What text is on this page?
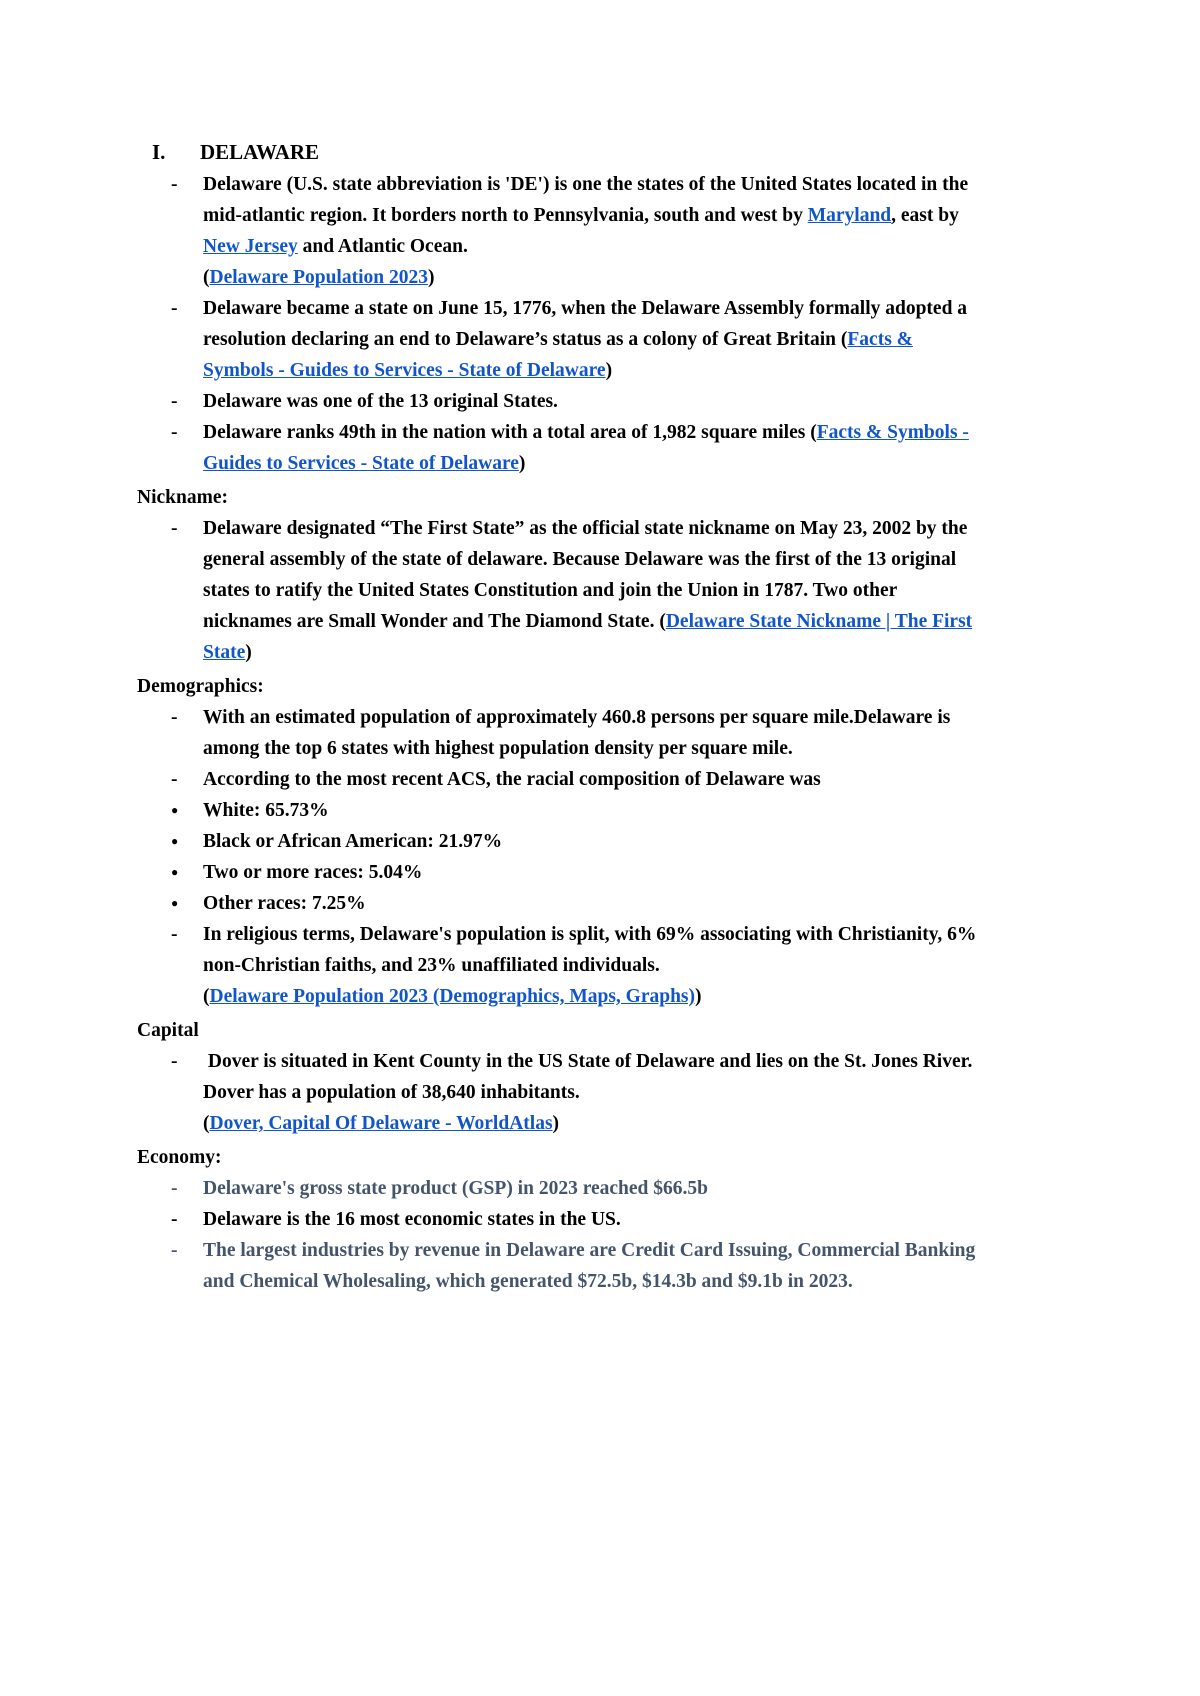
I. DELAWARE
- Delaware (U.S. state abbreviation is 'DE') is one the states of the United States located in the mid-atlantic region. It borders north to Pennsylvania, south and west by Maryland, east by New Jersey and Atlantic Ocean.
(Delaware Population 2023)
- Delaware became a state on June 15, 1776, when the Delaware Assembly formally adopted a resolution declaring an end to Delaware’s status as a colony of Great Britain (Facts & Symbols - Guides to Services - State of Delaware)
- Delaware was one of the 13 original States.
- Delaware ranks 49th in the nation with a total area of 1,982 square miles (Facts & Symbols - Guides to Services - State of Delaware)
Nickname:
- Delaware designated “The First State” as the official state nickname on May 23, 2002 by the general assembly of the state of delaware. Because Delaware was the first of the 13 original states to ratify the United States Constitution and join the Union in 1787. Two other nicknames are Small Wonder and The Diamond State. (Delaware State Nickname | The First State)
Demographics:
- With an estimated population of approximately 460.8 persons per square mile.Delaware is among the top 6 states with highest population density per square mile.
- According to the most recent ACS, the racial composition of Delaware was
● White: 65.73%
● Black or African American: 21.97%
● Two or more races: 5.04%
● Other races: 7.25%
- In religious terms, Delaware's population is split, with 69% associating with Christianity, 6% non-Christian faiths, and 23% unaffiliated individuals.
(Delaware Population 2023 (Demographics, Maps, Graphs))
Capital
- Dover is situated in Kent County in the US State of Delaware and lies on the St. Jones River. Dover has a population of 38,640 inhabitants.
(Dover, Capital Of Delaware - WorldAtlas)
Economy:
- Delaware's gross state product (GSP) in 2023 reached $66.5b
- Delaware is the 16 most economic states in the US.
- The largest industries by revenue in Delaware are Credit Card Issuing, Commercial Banking and Chemical Wholesaling, which generated $72.5b, $14.3b and $9.1b in 2023.
